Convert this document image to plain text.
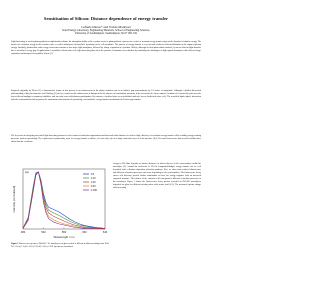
Sensitisation of Silicon: Distance dependence of energy transfer
Lefteris Danos* and Tomas Markvart
Solar Energy Laboratory, Engineering Materials, School of Engineering Sciences,
University of Southampton, Southampton, SO17 1BJ, UK
Light harvesting is used in photosynthesis to significantly enhance the absorption ability of the reaction centre in photosynthetic systems via a series of resonant energy transfer steps of the absorbed excitation energy. The transfer of excitation energy to the reaction centre is read to subsequent electron-hole separation in the cell membrane. The process of energy transfer is very fast and results in efficient utilisation of the captured photon energy. Similarly, photovoltaic solar energy conversion consists of two steps: light absorption, followed by charge separation at a junction. Silicon, although an ideal photovoltaic material, is not an efficient light absorber due to an indirect energy gap. In application to crystalline silicon solar cells, light harvesting thus offers the promise of dramatic cost reduction by combining the advantages of high optical absorption with efficient charge separation and transport in crystalline silicon [1].
Proposed originally by Dexter [2] a characteristic feature of this process is an enhancement of the photo-excitation rate in an indirect gap semiconductor by 3-5 orders of magnitude. Although a detailed theoretical understanding of this phenomenon is still lacking [3], the key reason for this enhancement is thought to be the absence of translational symmetry in the two-molecule: theses optical excitation of electron-hole pairs near the lowest silicon bandgap is symmetry forbidden, and can only occur with phonon participation. By contrast, a localised state on an individual molecule has no (k-defined value of k). The near-field dipole-dipole interaction with the semiconductor thus by-passes the momentum conservation rule producing a non-radiative energy transfer mechanism like Förster-type transfer.
The key factor in designing successful light harvesting structures is the control of molecular organisation and inter-molecular distances to achieve high efficiency of excitation energy transfer while avoiding energy-wasting processes (such as quenching). The requirement is particularly acute for energy transfer to silicon, as it can only rely on a single molecular layer is at the interface [4,5]. Previous fluorescence time-resolved studies have shown that the excitation
480	520	560	600	640
Wavelength / nm
Intensity (normalised)
1:5
1:10
1:20
1:50
1:100
(a)
Figure 1 Fluorescence spectra of DiO-DA / SA monolayers on glass excited at 485 nm at different mixing ratios DiO-DA / SA (a) 1:5 (b) 1:10 (c) 1:20 (d) 1:50 (e) 1:100. Spectra are normalised.
energy in LB films depends on surface distances to silicon that are in the concentration within the monolayer [6]. Around the molecules in LB the Langmuir-Blodgett energy transfer can be well described with a distance-dependent relaxation pathway. Here we show time-resolved fluorescence and different relaxation processes can occur depending on the concentration. The fluorescence decay curves will therefore provide further information on how the energy migrates with an increased separated structure. The lifetime of the emission will correspond to different relaxation processes in the monolayer. Figure 1 shows the fluorescence decay spectra recorded on DiO-DA monolayers deposited on glass for different mixing ratios with stearic acid (SA). The measured spectra change with increasing
